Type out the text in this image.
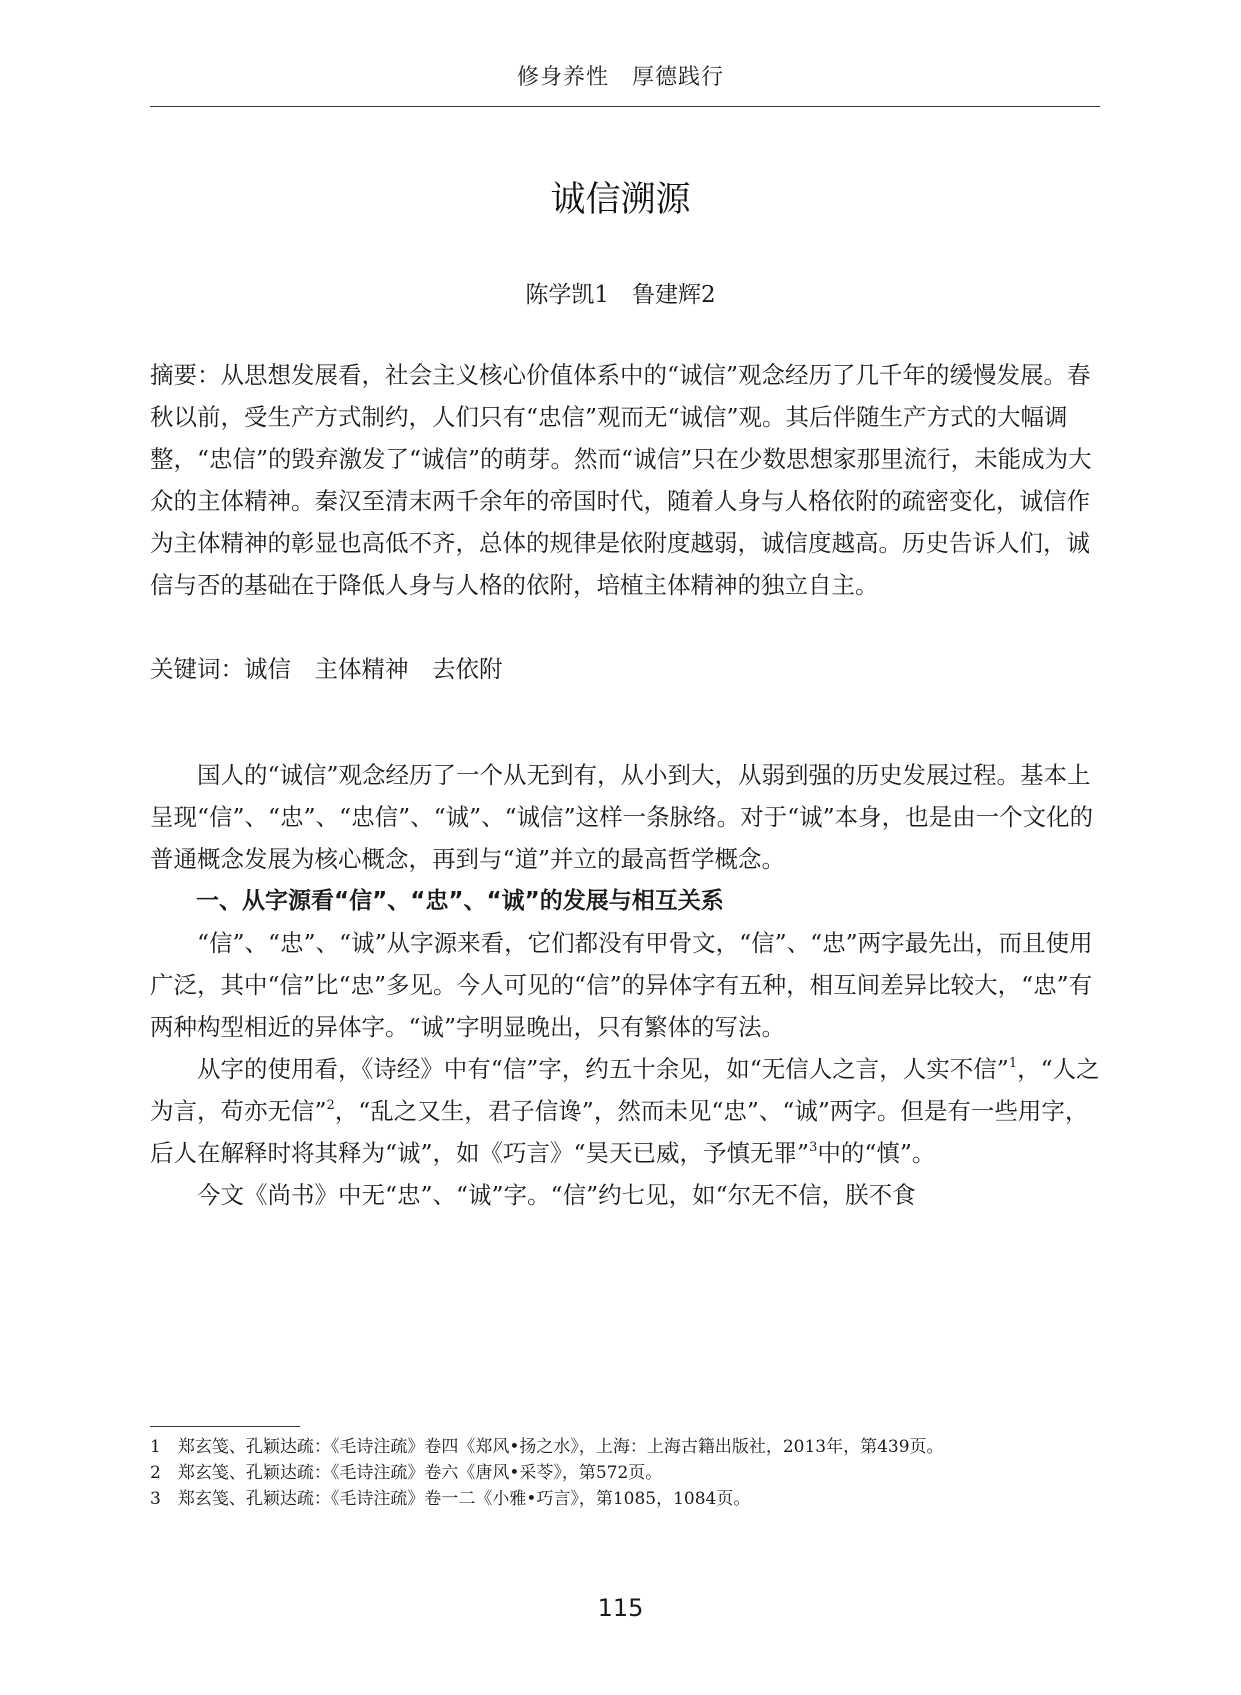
修身养性　厚德践行
诚信溯源
陈学凯1　鲁建辉2
摘要：从思想发展看，社会主义核心价值体系中的“诚信”观念经历了几千年的缓慢发展。春秋以前，受生产方式制约，人们只有“忠信”观而无“诚信”观。其后伴随生产方式的大幅调整，“忠信”的毁弃激发了“诚信”的萌芽。然而“诚信”只在少数思想家那里流行，未能成为大众的主体精神。秦汉至清末两千余年的帝国时代，随着人身与人格依附的疏密变化，诚信作为主体精神的彰显也高低不齐，总体的规律是依附度越弱，诚信度越高。历史告诉人们，诚信与否的基础在于降低人身与人格的依附，培植主体精神的独立自主。
关键词：诚信　主体精神　去依附

国人的“诚信”观念经历了一个从无到有，从小到大，从弱到强的历史发展过程。基本上呈现“信”、“忠”、“忠信”、“诚”、“诚信”这样一条脉络。对于“诚”本身，也是由一个文化的普通概念发展为核心概念，再到与“道”并立的最高哲学概念。

一、从字源看“信”、“忠”、“诚”的发展与相互关系

“信”、“忠”、“诚”从字源来看，它们都没有甲骨文，“信”、“忠”两字最先出，而且使用广泛，其中“信”比“忠”多见。今人可见的“信”的异体字有五种，相互间差异比较大，“忠”有两种构型相近的异体字。“诚”字明显晚出，只有繁体的写法。

从字的使用看，《诗经》中有“信”字，约五十余见，如“无信人之言，人实不信”$^1$，“人之为言，苟亦无信”$^2$，“乱之又生，君子信谗”，然而未见“忠”、“诚”两字。但是有一些用字，后人在解释时将其释为“诚”，如《巧言》“昊天已威，予慎无罪”$^3$中的“慎”。

今文《尚书》中无“忠”、“诚”字。“信”约七见，如“尔无不信，朕不食

1　郑玄笺、孔颖达疏：《毛诗注疏》卷四《郑风•扬之水》，上海：上海古籍出版社，2013年，第439页。

2　郑玄笺、孔颖达疏：《毛诗注疏》卷六《唐风•采苓》，第572页。

3　郑玄笺、孔颖达疏：《毛诗注疏》卷一二《小雅•巧言》，第1085，1084页。

115
